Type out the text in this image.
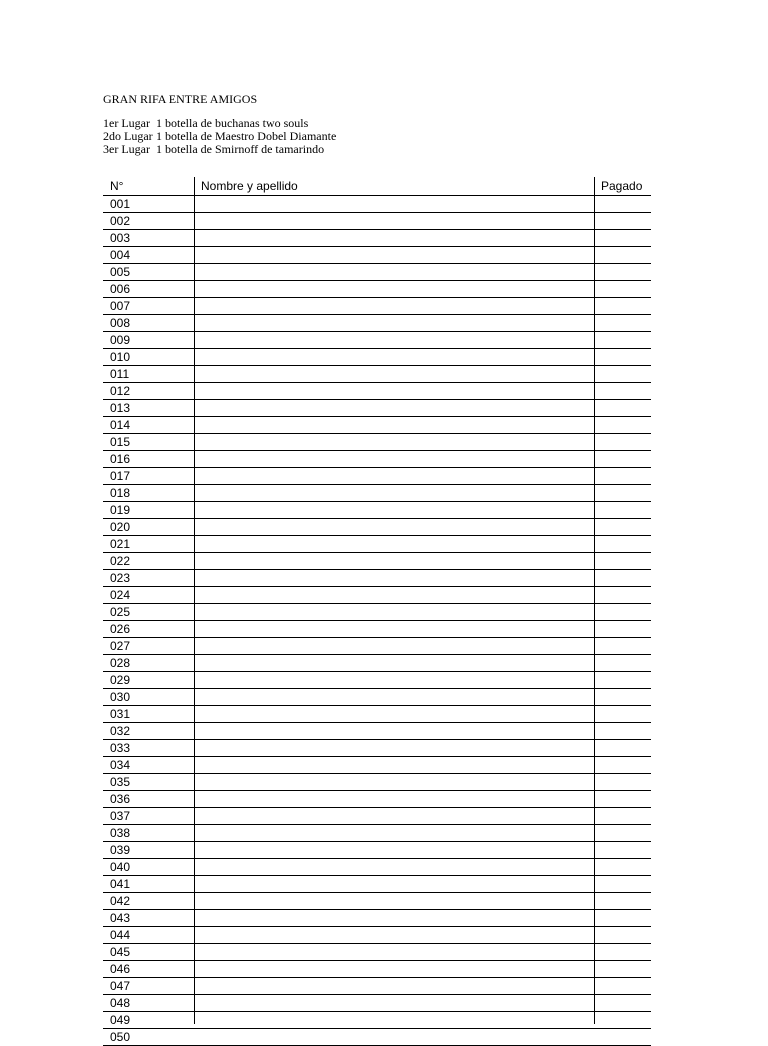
GRAN RIFA ENTRE AMIGOS
1er Lugar 1 botella de buchanas two souls
2do Lugar 1 botella de Maestro Dobel Diamante
3er Lugar 1 botella de Smirnoff de tamarindo
N°	Nombre y apellido	Pagado
001
002
003
004
005
006
007
008
009
010
011
012
013
014
015
016
017
018
019
020
021
022
023
024
025
026
027
028
029
030
031
032
033
034
035
036
037
038
039
040
041
042
043
044
045
046
047
048
049
050
